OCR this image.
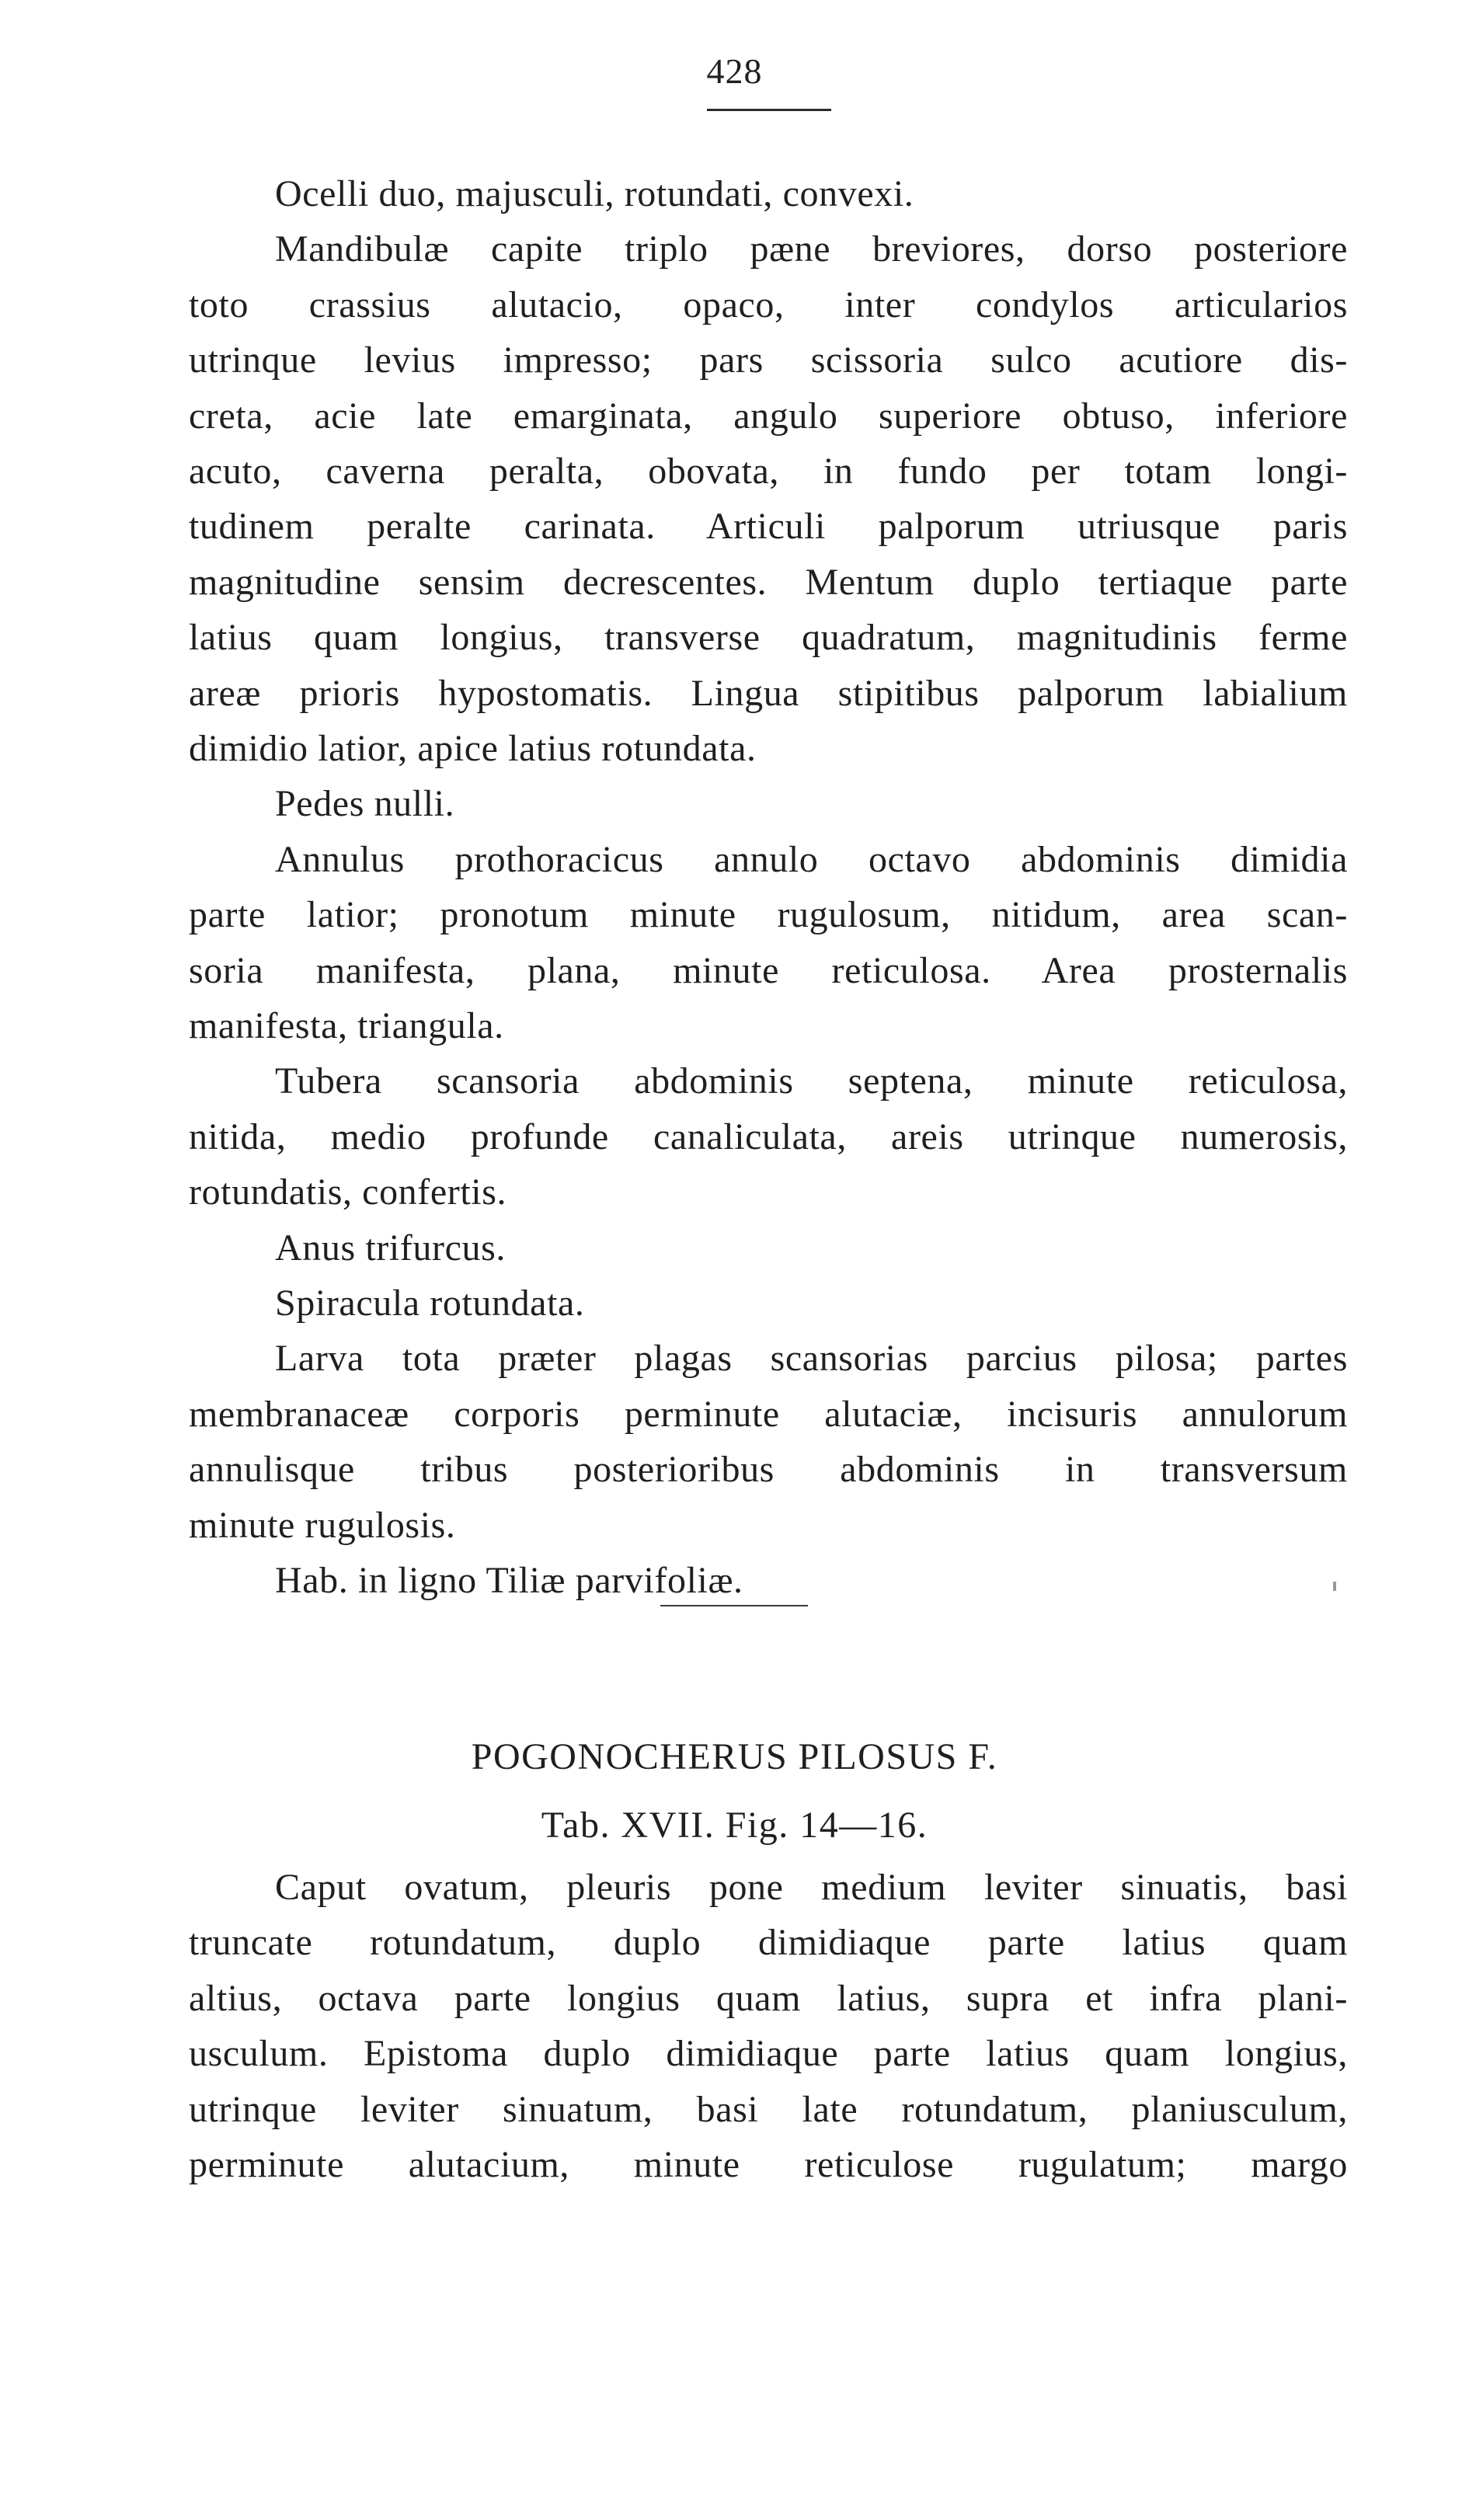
428
Ocelli duo, majusculi, rotundati, convexi.
Mandibulæ capite triplo pæne breviores, dorso posteriore
toto crassius alutacio, opaco, inter condylos articularios
utrinque levius impresso; pars scissoria sulco acutiore dis-
creta, acie late emarginata, angulo superiore obtuso, inferiore
acuto, caverna peralta, obovata, in fundo per totam longi-
tudinem peralte carinata. Articuli palporum utriusque paris
magnitudine sensim decrescentes. Mentum duplo tertiaque parte
latius quam longius, transverse quadratum, magnitudinis ferme
areæ prioris hypostomatis. Lingua stipitibus palporum labialium
dimidio latior, apice latius rotundata.
Pedes nulli.
Annulus prothoracicus annulo octavo abdominis dimidia
parte latior; pronotum minute rugulosum, nitidum, area scan-
soria manifesta, plana, minute reticulosa. Area prosternalis
manifesta, triangula.
Tubera scansoria abdominis septena, minute reticulosa,
nitida, medio profunde canaliculata, areis utrinque numerosis,
rotundatis, confertis.
Anus trifurcus.
Spiracula rotundata.
Larva tota præter plagas scansorias parcius pilosa; partes
membranaceæ corporis perminute alutaciæ, incisuris annulorum
annulisque tribus posterioribus abdominis in transversum
minute rugulosis.
Hab. in ligno Tiliæ parvifoliæ.
POGONOCHERUS PILOSUS F.
Tab. XVII. Fig. 14—16.
Caput ovatum, pleuris pone medium leviter sinuatis, basi
truncate rotundatum, duplo dimidiaque parte latius quam
altius, octava parte longius quam latius, supra et infra plani-
usculum. Epistoma duplo dimidiaque parte latius quam longius,
utrinque leviter sinuatum, basi late rotundatum, planiusculum,
perminute alutacium, minute reticulose rugulatum; margo
